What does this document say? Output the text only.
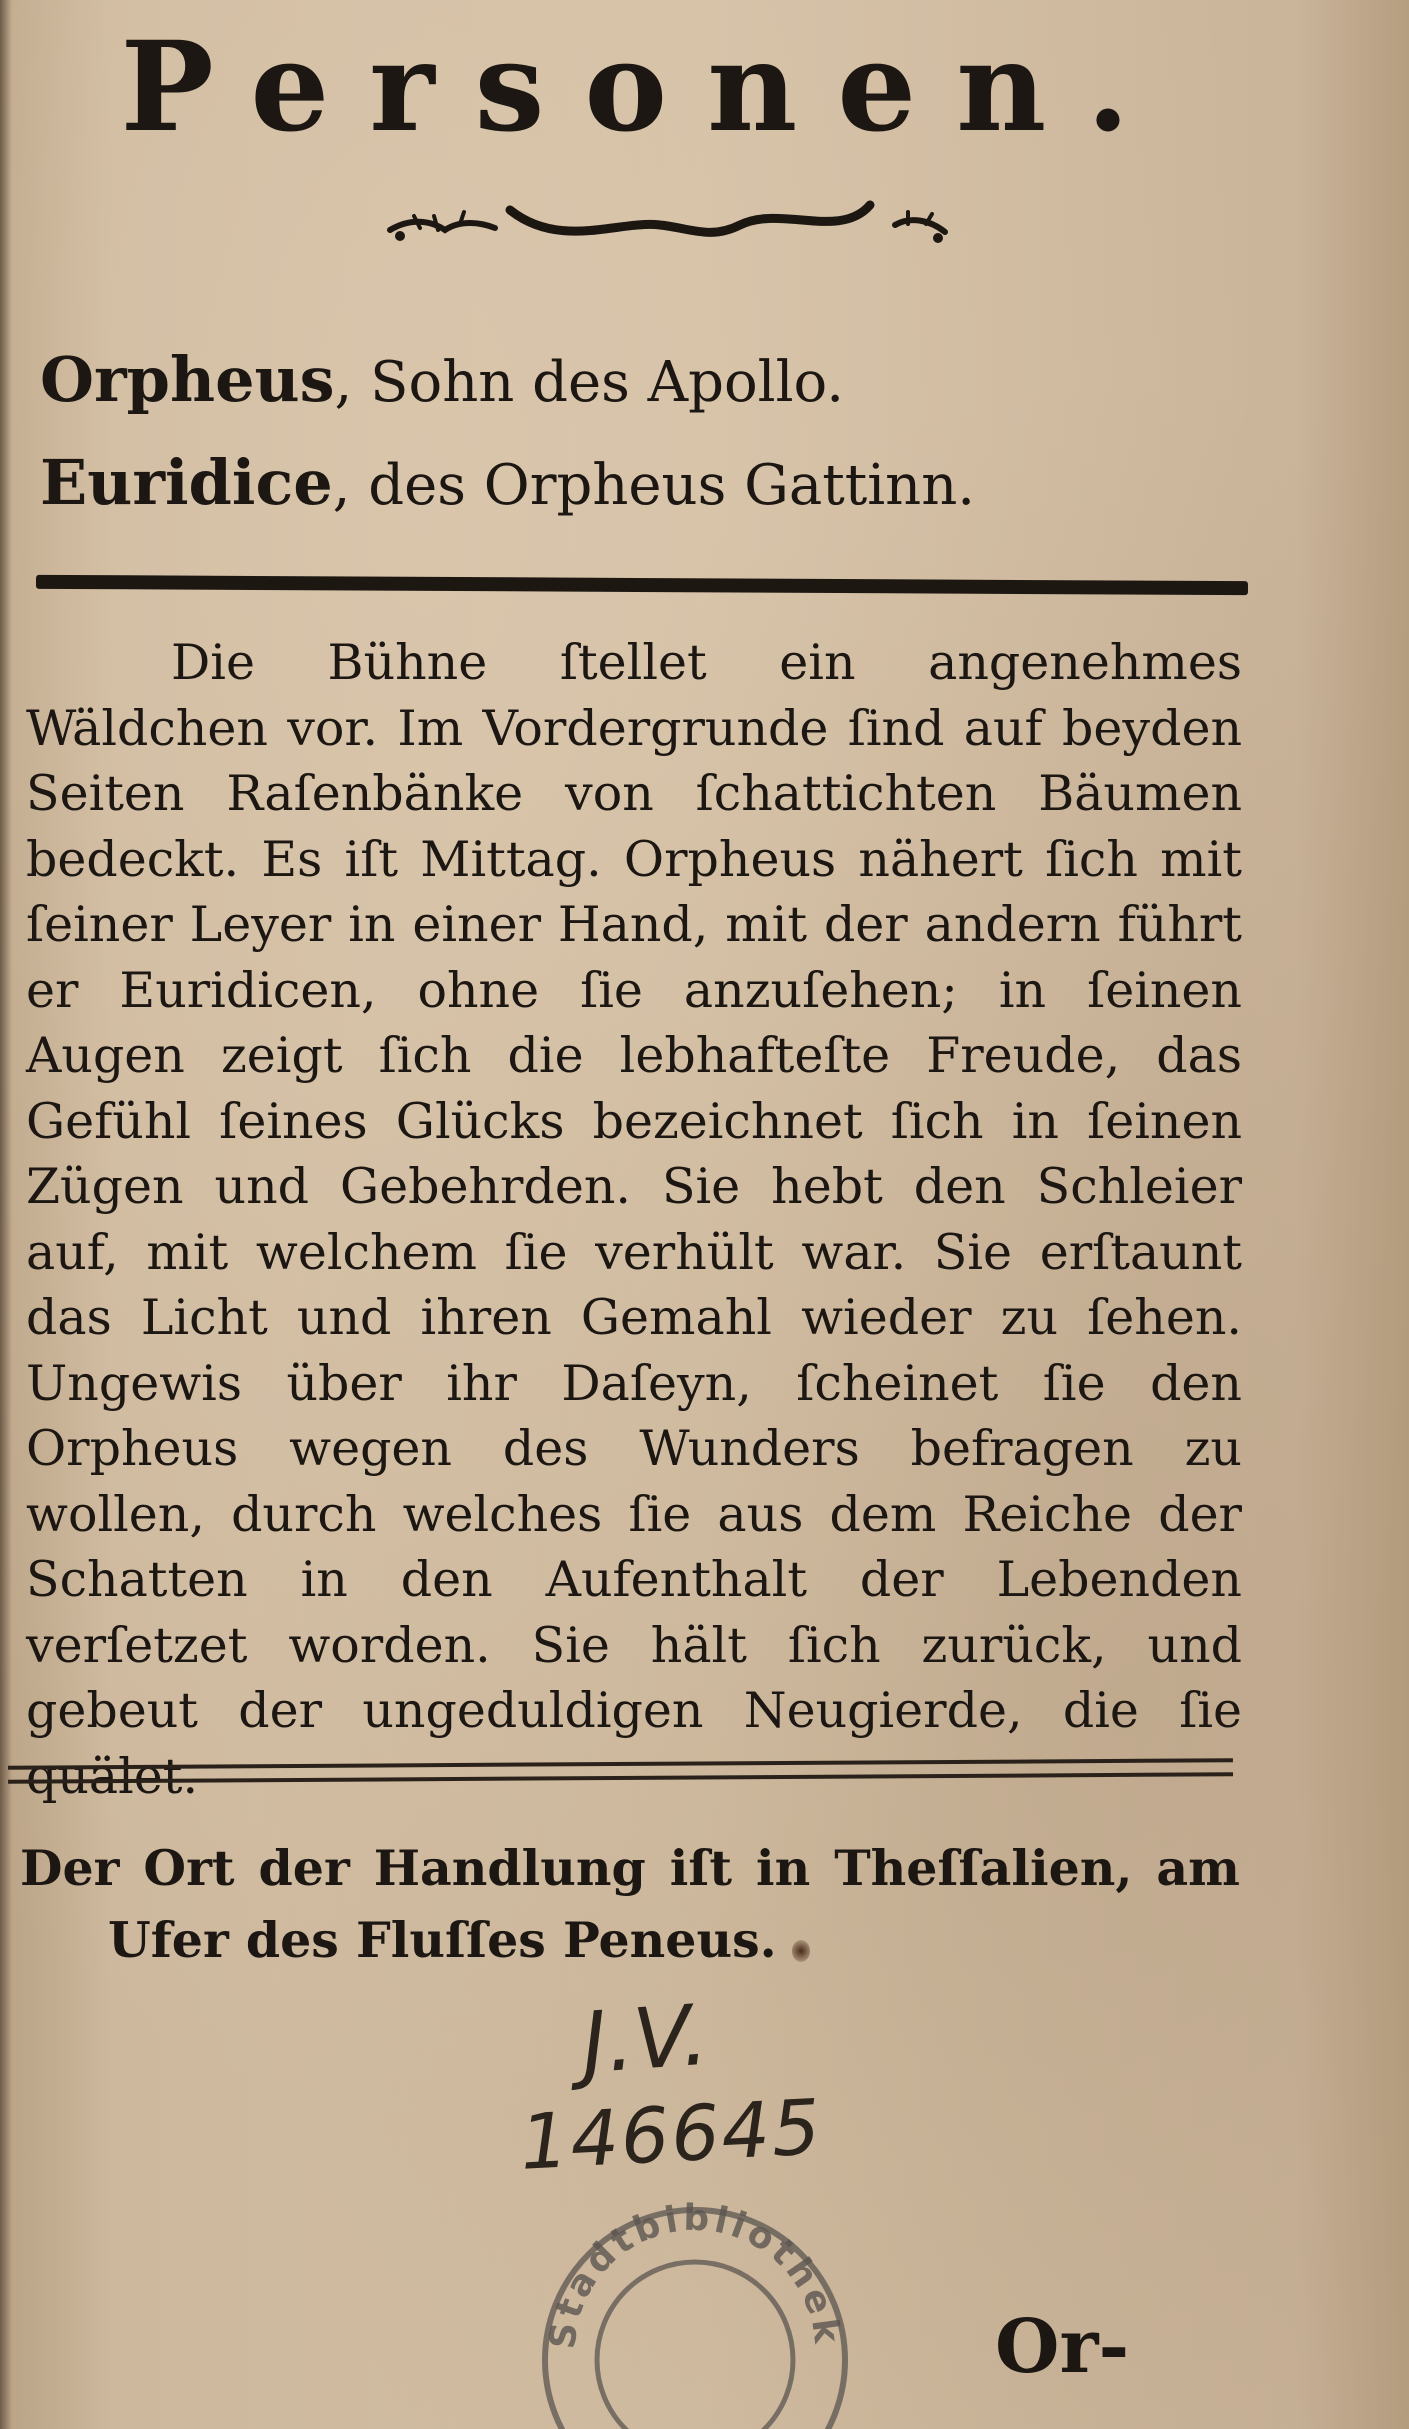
Personen.
Orpheus, Sohn des Apollo.
Euridice, des Orpheus Gattinn.

Die Bühne ſtellet ein angenehmes Wäldchen vor. Im Vordergrunde ſind auf beyden Seiten Raſenbänke von ſchattichten Bäumen bedeckt. Es iſt Mittag. Orpheus nähert ſich mit ſeiner Leyer in einer Hand, mit der andern führt er Euridicen, ohne ſie anzuſehen; in ſeinen Augen zeigt ſich die lebhafteſte Freude, das Gefühl ſeines Glücks bezeichnet ſich in ſeinen Zügen und Gebehrden. Sie hebt den Schleier auf, mit welchem ſie verhült war. Sie erſtaunt das Licht und ihren Gemahl wieder zu ſehen. Ungewis über ihr Daſeyn, ſcheinet ſie den Orpheus wegen des Wunders befragen zu wollen, durch welches ſie aus dem Reiche der Schatten in den Aufenthalt der Lebenden verſetzet worden. Sie hält ſich zurück, und gebeut der ungeduldigen Neugierde, die ſie quälet.

Der Ort der Handlung iſt in Theſſalien, am
Ufer des Fluſſes Peneus.

J.V.
146645
Stadtbibliothek Or-
